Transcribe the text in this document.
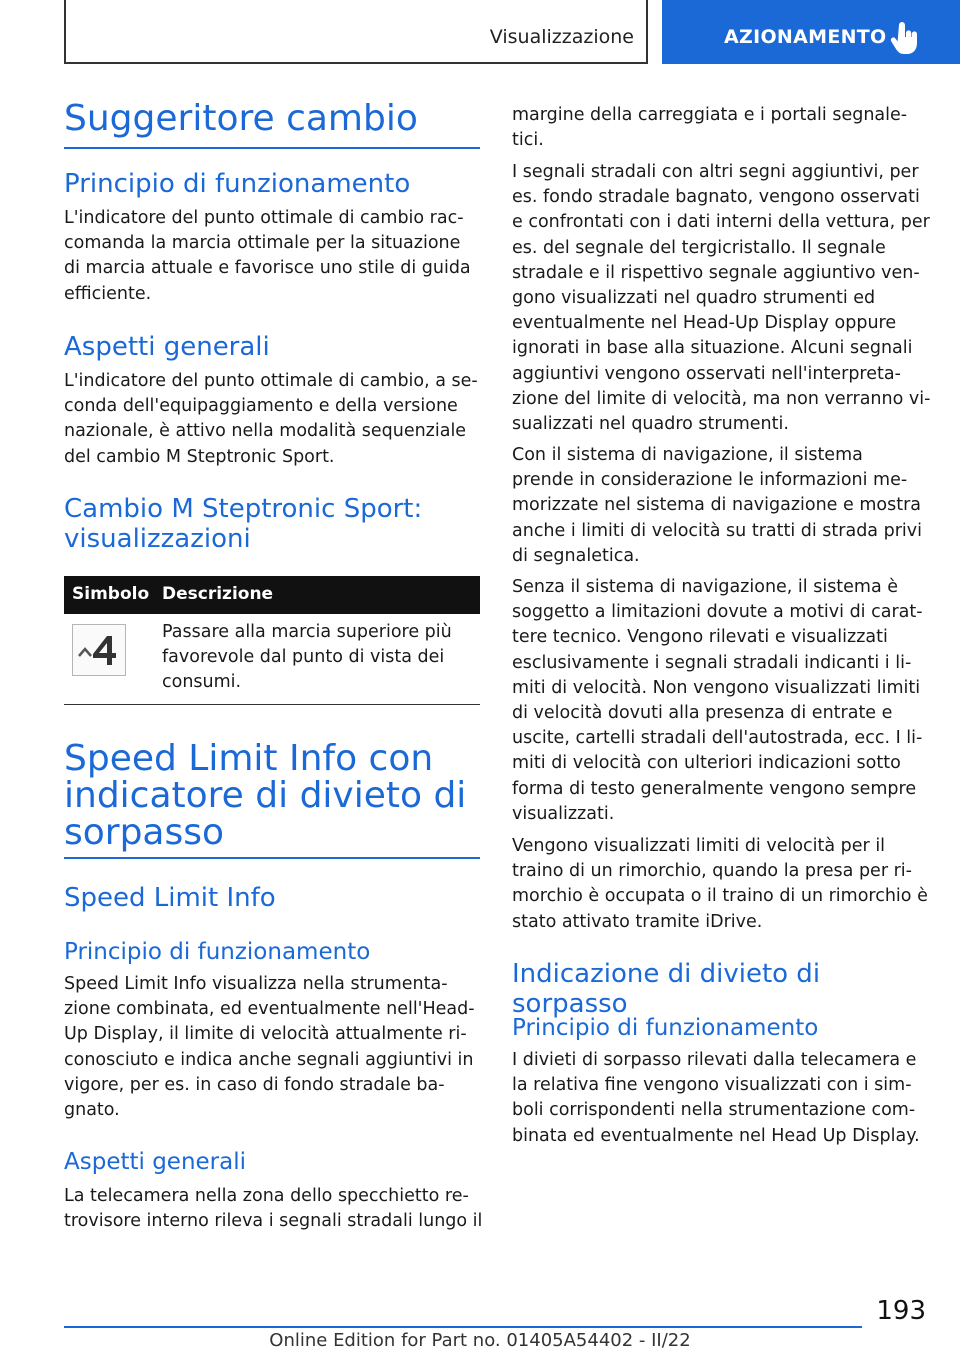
Visualizzazione	AZIONAMENTO
Suggeritore cambio
Principio di funzionamento
L'indicatore del punto ottimale di cambio rac-
comanda la marcia ottimale per la situazione
di marcia attuale e favorisce uno stile di guida
efficiente.
Aspetti generali
L'indicatore del punto ottimale di cambio, a se-
conda dell'equipaggiamento e della versione
nazionale, è attivo nella modalità sequenziale
del cambio M Steptronic Sport.
Cambio M Steptronic Sport:
visualizzazioni
Simbolo Descrizione
Passare alla marcia superiore più
favorevole dal punto di vista dei
consumi.
Speed Limit Info con
indicatore di divieto di
sorpasso
Speed Limit Info
Principio di funzionamento
Speed Limit Info visualizza nella strumenta-
zione combinata, ed eventualmente nell'Head-
Up Display, il limite di velocità attualmente ri-
conosciuto e indica anche segnali aggiuntivi in
vigore, per es. in caso di fondo stradale ba-
gnato.
Aspetti generali
La telecamera nella zona dello specchietto re-
trovisore interno rileva i segnali stradali lungo il
margine della carreggiata e i portali segnale-
tici.
I segnali stradali con altri segni aggiuntivi, per
es. fondo stradale bagnato, vengono osservati
e confrontati con i dati interni della vettura, per
es. del segnale del tergicristallo. Il segnale
stradale e il rispettivo segnale aggiuntivo ven-
gono visualizzati nel quadro strumenti ed
eventualmente nel Head-Up Display oppure
ignorati in base alla situazione. Alcuni segnali
aggiuntivi vengono osservati nell'interpreta-
zione del limite di velocità, ma non verranno vi-
sualizzati nel quadro strumenti.
Con il sistema di navigazione, il sistema
prende in considerazione le informazioni me-
morizzate nel sistema di navigazione e mostra
anche i limiti di velocità su tratti di strada privi
di segnaletica.
Senza il sistema di navigazione, il sistema è
soggetto a limitazioni dovute a motivi di carat-
tere tecnico. Vengono rilevati e visualizzati
esclusivamente i segnali stradali indicanti i li-
miti di velocità. Non vengono visualizzati limiti
di velocità dovuti alla presenza di entrate e
uscite, cartelli stradali dell'autostrada, ecc. I li-
miti di velocità con ulteriori indicazioni sotto
forma di testo generalmente vengono sempre
visualizzati.
Vengono visualizzati limiti di velocità per il
traino di un rimorchio, quando la presa per ri-
morchio è occupata o il traino di un rimorchio è
stato attivato tramite iDrive.
Indicazione di divieto di sorpasso
Principio di funzionamento
I divieti di sorpasso rilevati dalla telecamera e
la relativa fine vengono visualizzati con i sim-
boli corrispondenti nella strumentazione com-
binata ed eventualmente nel Head Up Display.
193
Online Edition for Part no. 01405A54402 - II/22
